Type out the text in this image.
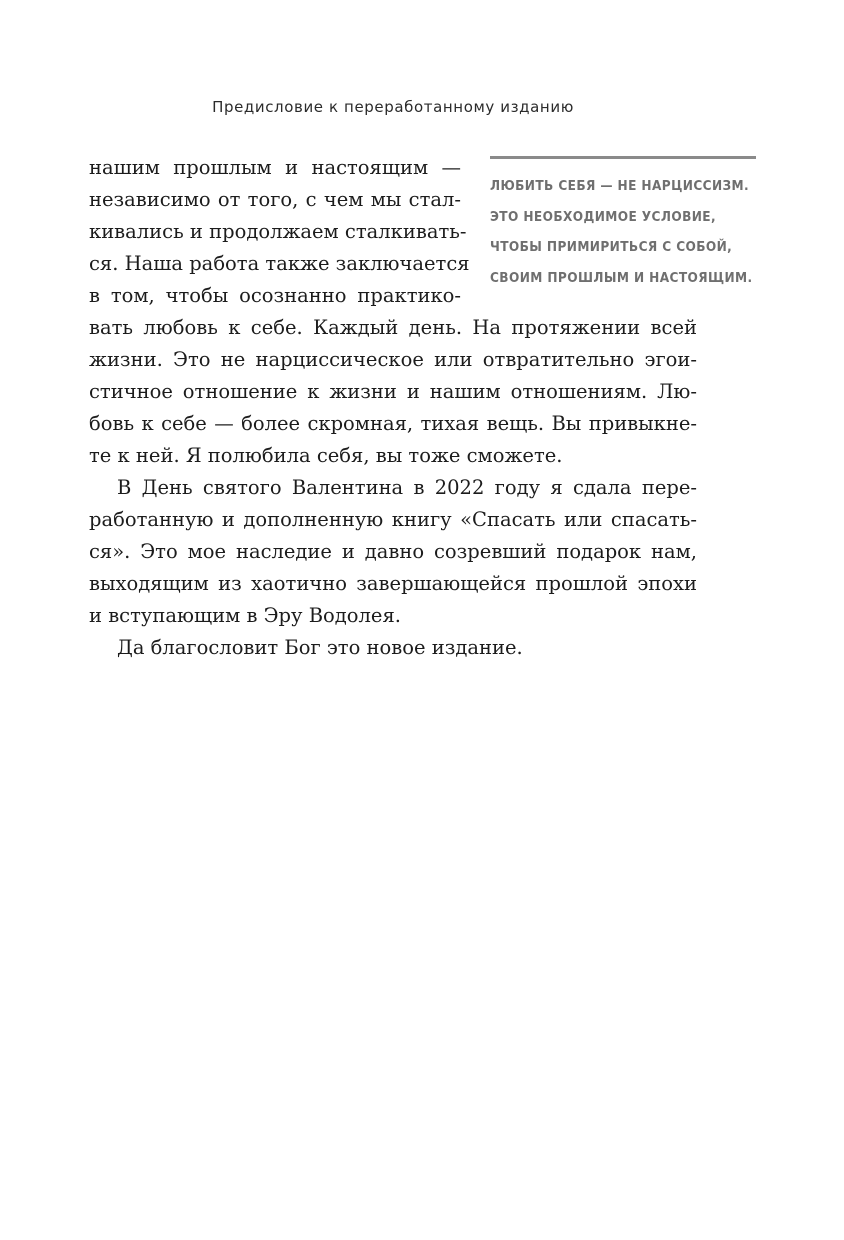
Предисловие к переработанному изданию
ЛЮБИТЬ СЕБЯ — НЕ НАРЦИССИЗМ.
ЭТО НЕОБХОДИМОЕ УСЛОВИЕ,
ЧТОБЫ ПРИМИРИТЬСЯ С СОБОЙ,
СВОИМ ПРОШЛЫМ И НАСТОЯЩИМ.
нашим прошлым и настоящим —
независимо от того, с чем мы стал-
кивались и продолжаем сталкивать-
ся. Наша работа также заключается
в том, чтобы осознанно практико-
вать любовь к себе. Каждый день. На протяжении всей
жизни. Это не нарциссическое или отвратительно эгои-
стичное отношение к жизни и нашим отношениям. Лю-
бовь к себе — более скромная, тихая вещь. Вы привыкне-
те к ней. Я полюбила себя, вы тоже сможете.
В День святого Валентина в 2022 году я сдала пере-
работанную и дополненную книгу «Спасать или спасать-
ся». Это мое наследие и давно созревший подарок нам,
выходящим из хаотично завершающейся прошлой эпохи
и вступающим в Эру Водолея.
Да благословит Бог это новое издание.
